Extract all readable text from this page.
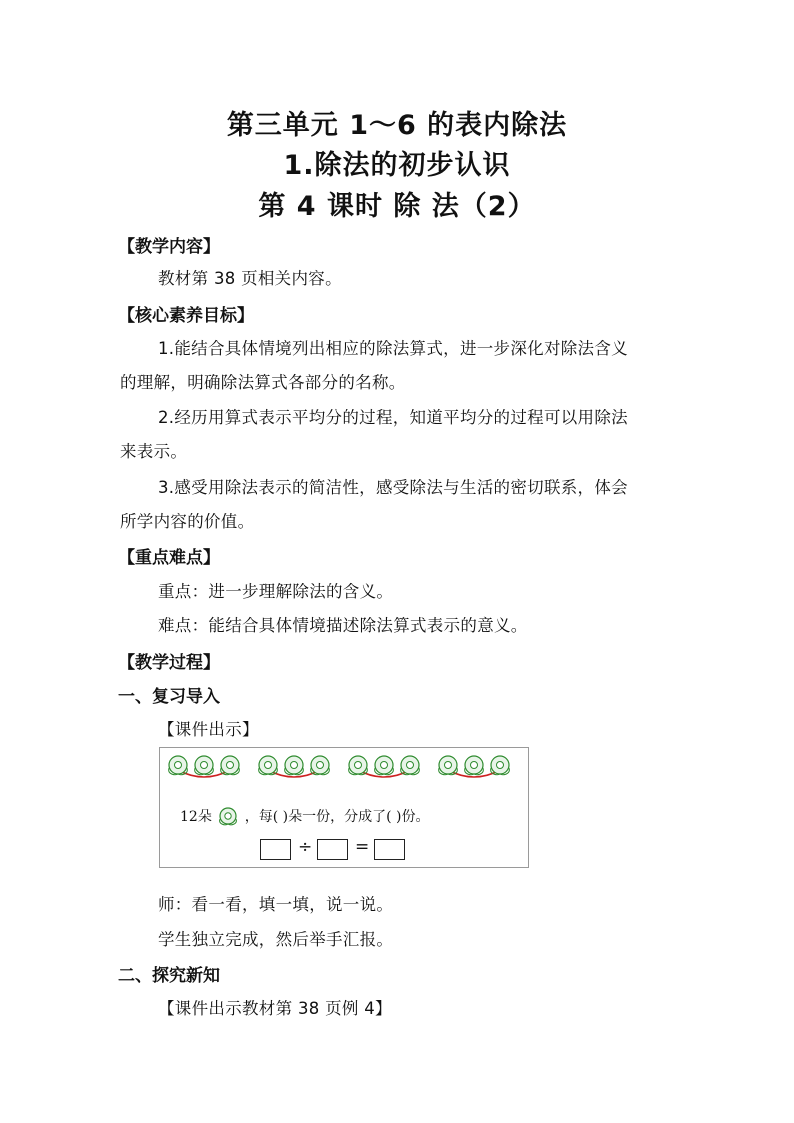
第三单元 1～6 的表内除法
1.除法的初步认识
第 4 课时 除 法（2）
【教学内容】
教材第 38 页相关内容。
【核心素养目标】
1.能结合具体情境列出相应的除法算式，进一步深化对除法含义
的理解，明确除法算式各部分的名称。
2.经历用算式表示平均分的过程，知道平均分的过程可以用除法
来表示。
3.感受用除法表示的简洁性，感受除法与生活的密切联系，体会
所学内容的价值。
【重点难点】
重点：进一步理解除法的含义。
难点：能结合具体情境描述除法算式表示的意义。
【教学过程】
一、复习导入
【课件出示】
12朵 ，每( )朵一份，分成了( )份。
÷	=
师：看一看，填一填，说一说。
学生独立完成，然后举手汇报。
二、探究新知
【课件出示教材第 38 页例 4】
